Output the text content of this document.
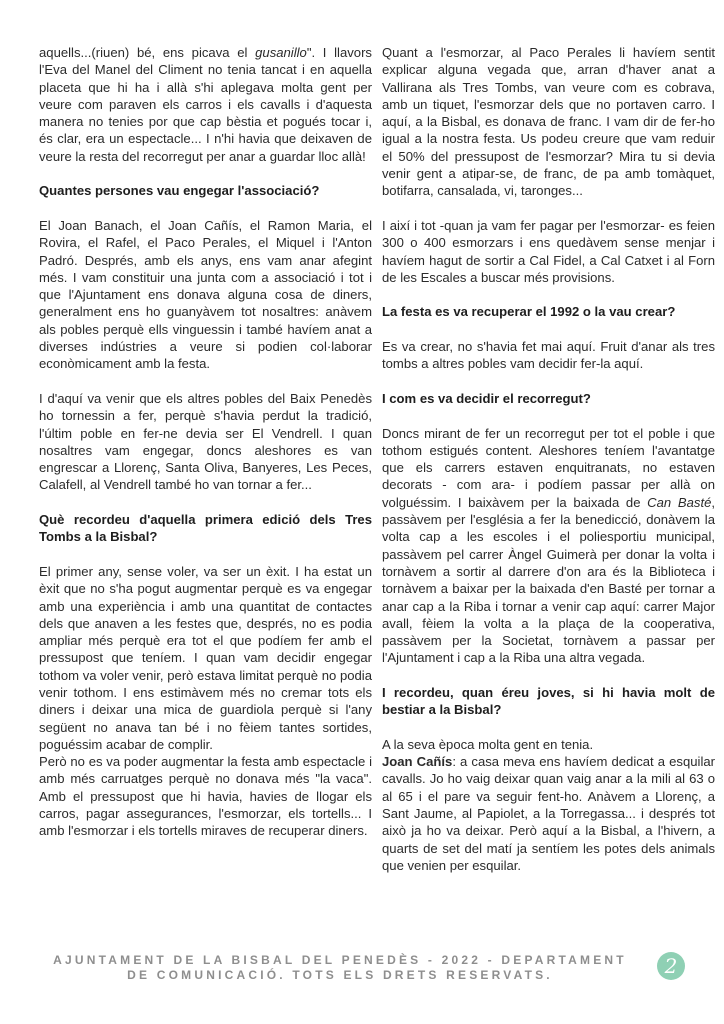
aquells...(riuen) bé, ens picava el gusanillo". I llavors l'Eva del Manel del Climent no tenia tancat i en aquella placeta que hi ha i allà s'hi aplegava molta gent per veure com paraven els carros i els cavalls i d'aquesta manera no tenies por que cap bèstia et pogués tocar i, és clar, era un espectacle... I n'hi havia que deixaven de veure la resta del recorregut per anar a guardar lloc allà!

Quantes persones vau engegar l'associació?

El Joan Banach, el Joan Cañís, el Ramon Maria, el Rovira, el Rafel, el Paco Perales, el Miquel i l'Anton Padró. Després, amb els anys, ens vam anar afegint més. I vam constituir una junta com a associació i tot i que l'Ajuntament ens donava alguna cosa de diners, generalment ens ho guanyàvem tot nosaltres: anàvem als pobles perquè ells vinguessin i també havíem anat a diverses indústries a veure si podien col·laborar econòmicament amb la festa.

I d'aquí va venir que els altres pobles del Baix Penedès ho tornessin a fer, perquè s'havia perdut la tradició, l'últim poble en fer-ne devia ser El Vendrell. I quan nosaltres vam engegar, doncs aleshores es van engrescar a Llorenç, Santa Oliva, Banyeres, Les Peces, Calafell, al Vendrell també ho van tornar a fer...

Què recordeu d'aquella primera edició dels Tres Tombs a la Bisbal?

El primer any, sense voler, va ser un èxit. I ha estat un èxit que no s'ha pogut augmentar perquè es va engegar amb una experiència i amb una quantitat de contactes dels que anaven a les festes que, després, no es podia ampliar més perquè era tot el que podíem fer amb el pressupost que teníem. I quan vam decidir engegar tothom va voler venir, però estava limitat perquè no podia venir tothom. I ens estimàvem més no cremar tots els diners i deixar una mica de guardiola perquè si l'any següent no anava tan bé i no fèiem tantes sortides, poguéssim acabar de complir.

Però no es va poder augmentar la festa amb espectacle i amb més carruatges perquè no donava més "la vaca". Amb el pressupost que hi havia, havies de llogar els carros, pagar assegurances, l'esmorzar, els tortells... I amb l'esmorzar i els tortells miraves de recuperar diners.

Quant a l'esmorzar, al Paco Perales li havíem sentit explicar alguna vegada que, arran d'haver anat a Vallirana als Tres Tombs, van veure com es cobrava, amb un tiquet, l'esmorzar dels que no portaven carro. I aquí, a la Bisbal, es donava de franc. I vam dir de fer-ho igual a la nostra festa. Us podeu creure que vam reduir el 50% del pressupost de l'esmorzar? Mira tu si devia venir gent a atipar-se, de franc, de pa amb tomàquet, botifarra, cansalada, vi, taronges...

I així i tot -quan ja vam fer pagar per l'esmorzar- es feien 300 o 400 esmorzars i ens quedàvem sense menjar i havíem hagut de sortir a Cal Fidel, a Cal Catxet i al Forn de les Escales a buscar més provisions.

La festa es va recuperar el 1992 o la vau crear?

Es va crear, no s'havia fet mai aquí. Fruit d'anar als tres tombs a altres pobles vam decidir fer-la aquí.

I com es va decidir el recorregut?

Doncs mirant de fer un recorregut per tot el poble i que tothom estigués content. Aleshores teníem l'avantatge que els carrers estaven enquitranats, no estaven decorats - com ara- i podíem passar per allà on volguéssim. I baixàvem per la baixada de Can Basté, passàvem per l'església a fer la benedicció, donàvem la volta cap a les escoles i el poliesportiu municipal, passàvem pel carrer Àngel Guimerà per donar la volta i tornàvem a sortir al darrere d'on ara és la Biblioteca i tornàvem a baixar per la baixada d'en Basté per tornar a anar cap a la Riba i tornar a venir cap aquí: carrer Major avall, fèiem la volta a la plaça de la cooperativa, passàvem per la Societat, tornàvem a passar per l'Ajuntament i cap a la Riba una altra vegada.

I recordeu, quan éreu joves, si hi havia molt de bestiar a la Bisbal?

A la seva època molta gent en tenia.

Joan Cañís: a casa meva ens havíem dedicat a esquilar cavalls. Jo ho vaig deixar quan vaig anar a la mili al 63 o al 65 i el pare va seguir fent-ho. Anàvem a Llorenç, a Sant Jaume, al Papiolet, a la Torregassa... i després tot això ja ho va deixar. Però aquí a la Bisbal, a l'hivern, a quarts de set del matí ja sentíem les potes dels animals que venien per esquilar.

AJUNTAMENT DE LA BISBAL DEL PENEDÈS - 2022 - DEPARTAMENT
DE COMUNICACIÓ. TOTS ELS DRETS RESERVATS.	2
